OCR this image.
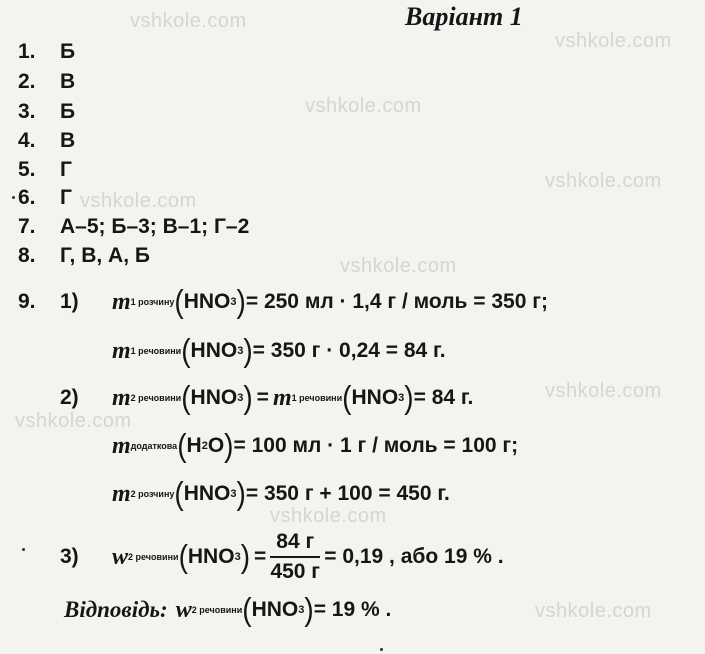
vshkole.com
vshkole.com
vshkole.com
vshkole.com
vshkole.com
vshkole.com
vshkole.com
vshkole.com
vshkole.com
vshkole.com
Варіант 1
1. Б
2. В
3. Б
4. В
5. Г
6. Г
7. А–5; Б–3; В–1; Г–2
8. Г, В, А, Б
9.	1)	m 1 розчину ( HNO 3 ) = 250 мл · 1,4 г / моль = 350 г;
m 1 речовини ( HNO 3 ) = 350 г · 0,24 = 84 г.
2)	m 2 речовини ( HNO 3 ) = m 1 речовини ( HNO 3 ) = 84 г.
m додаткова ( H 2 O ) = 100 мл · 1 г / моль = 100 г;
m 2 розчину ( HNO 3 ) = 350 г + 100 = 450 г.
3)	w 2 речовини ( HNO 3 ) = $\frac{84 г}{450 г} = 0,19$ , або 19 % .
Відповідь: w 2 речовини ( HNO 3 ) = 19 % .
